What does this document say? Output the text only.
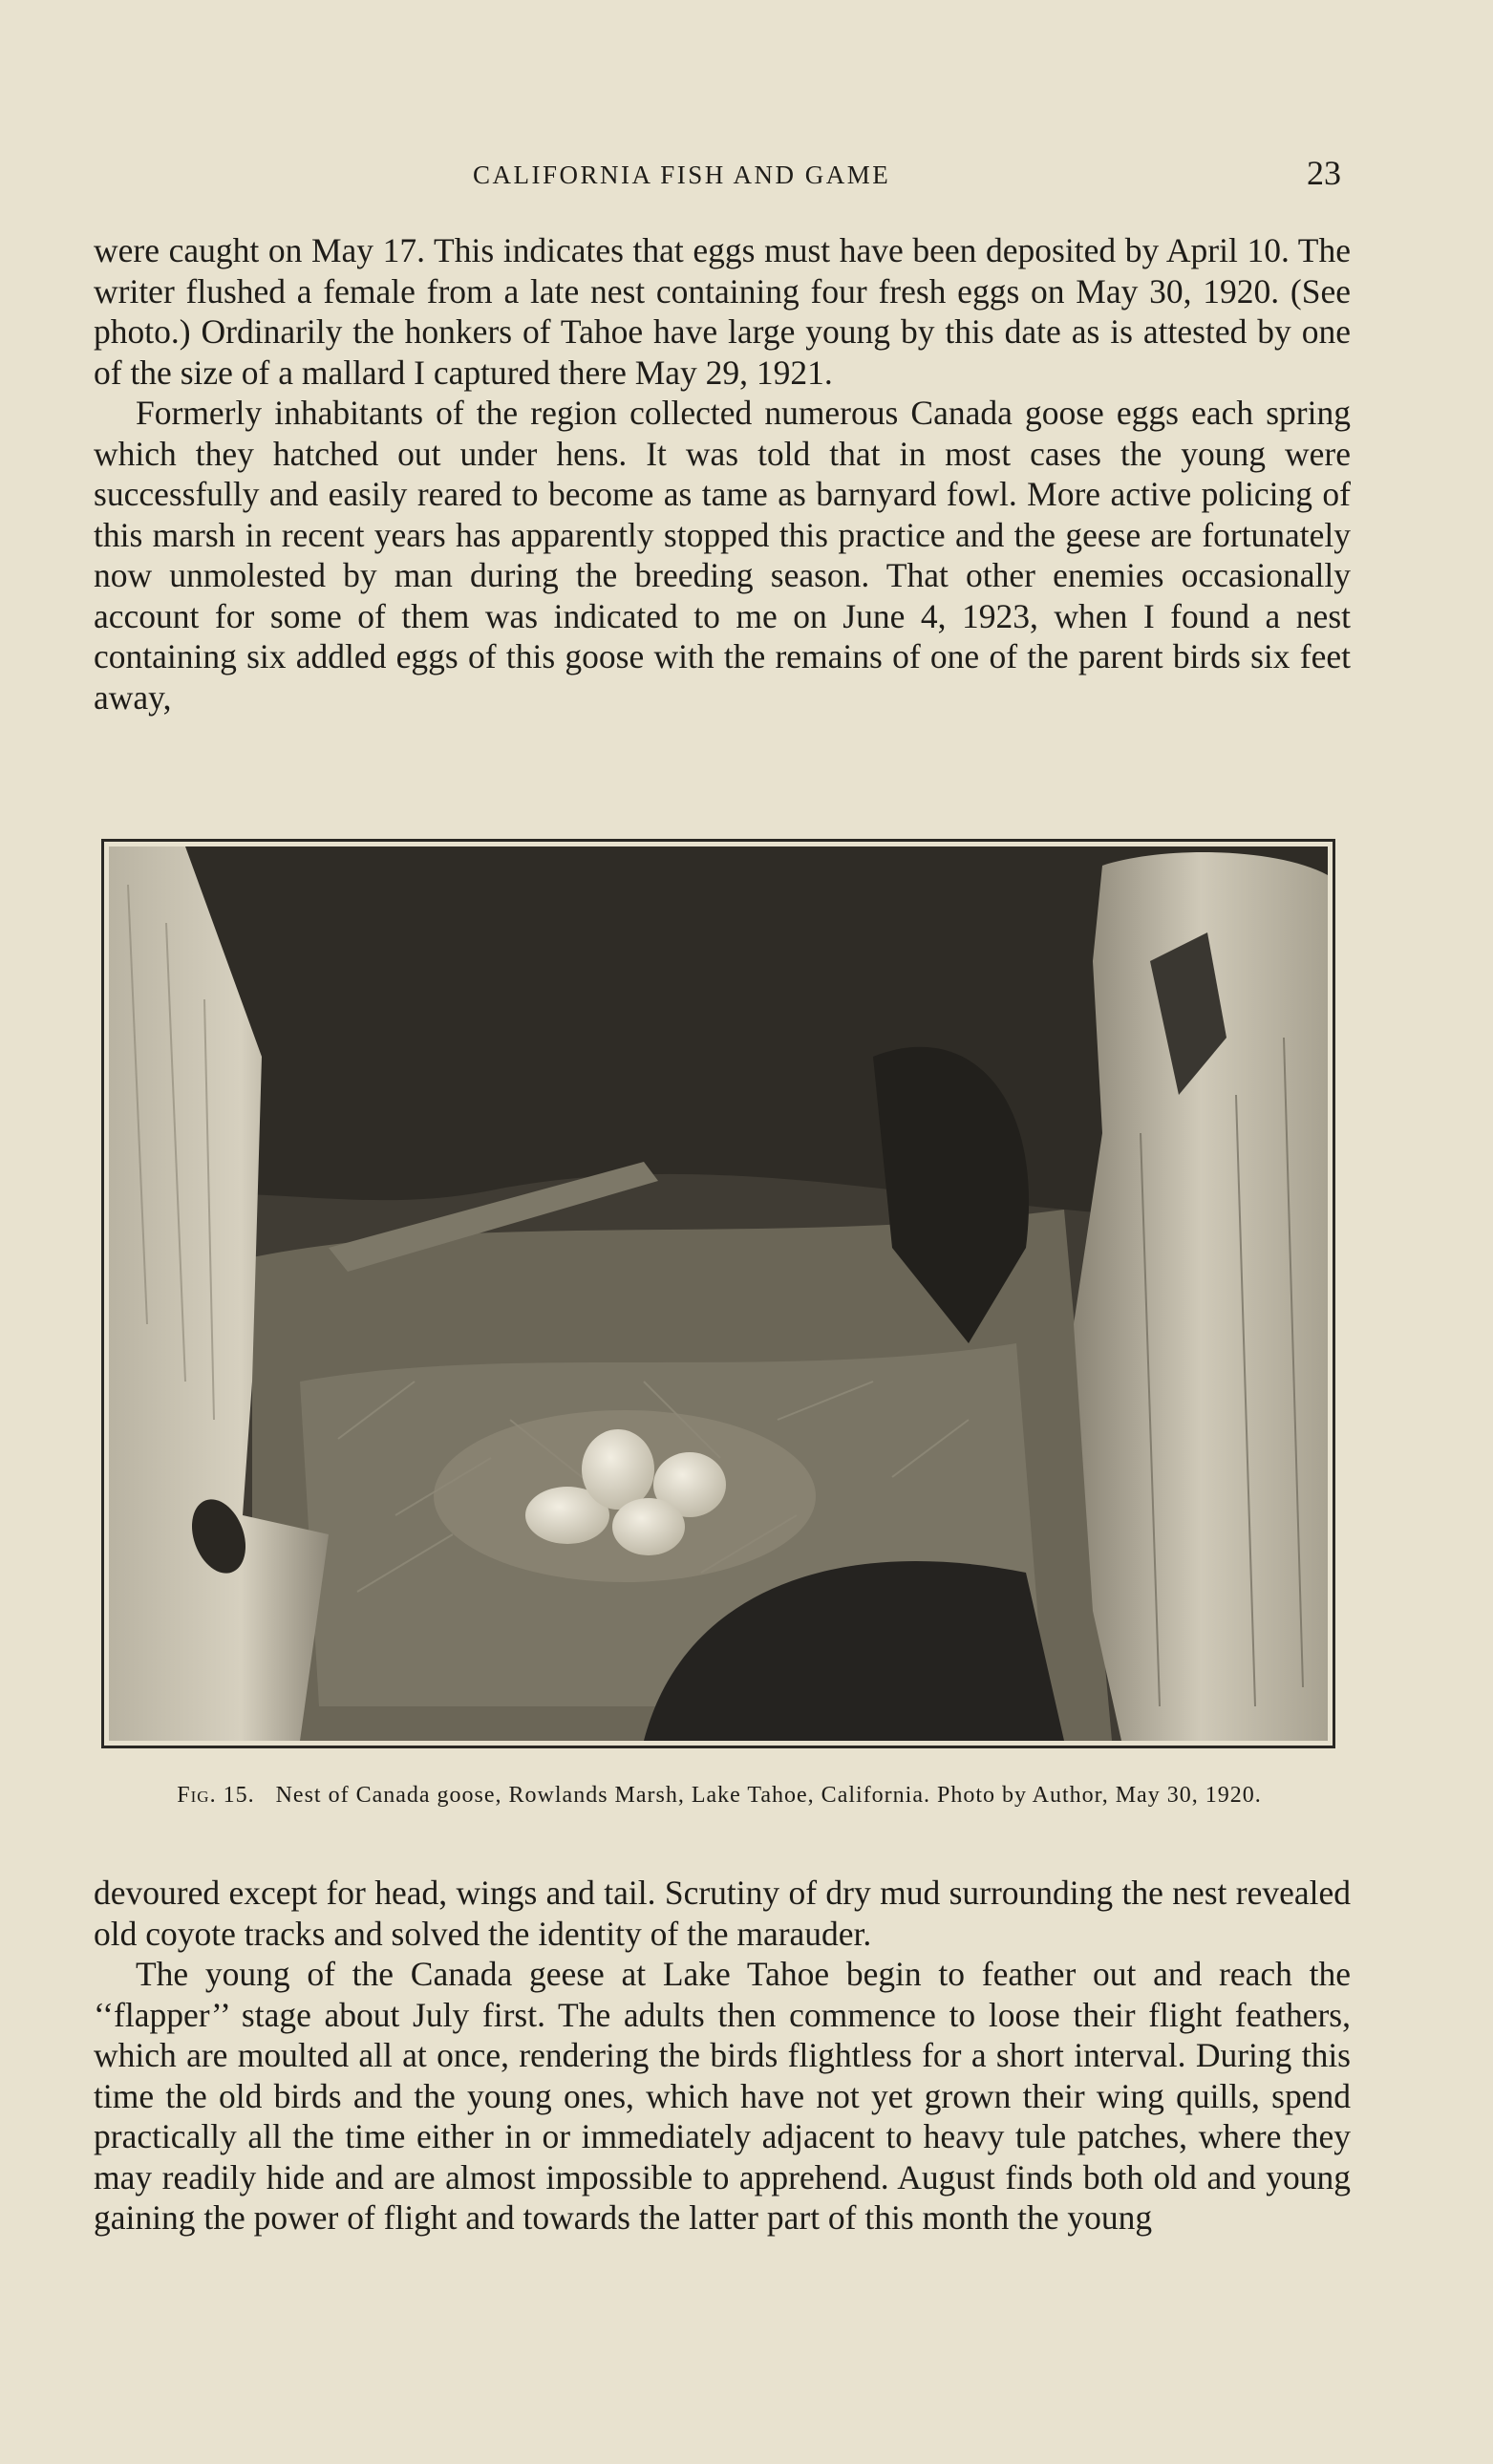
CALIFORNIA FISH AND GAME	23

were caught on May 17. This indicates that eggs must have been deposited by April 10. The writer flushed a female from a late nest containing four fresh eggs on May 30, 1920. (See photo.) Ordinarily the honkers of Tahoe have large young by this date as is attested by one of the size of a mallard I captured there May 29, 1921.

Formerly inhabitants of the region collected numerous Canada goose eggs each spring which they hatched out under hens. It was told that in most cases the young were successfully and easily reared to become as tame as barnyard fowl. More active policing of this marsh in recent years has apparently stopped this practice and the geese are fortunately now unmolested by man during the breeding season. That other enemies occasionally account for some of them was indicated to me on June 4, 1923, when I found a nest containing six addled eggs of this goose with the remains of one of the parent birds six feet away,

Fig. 15. Nest of Canada goose, Rowlands Marsh, Lake Tahoe, California. Photo by Author, May 30, 1920.

devoured except for head, wings and tail. Scrutiny of dry mud surrounding the nest revealed old coyote tracks and solved the identity of the marauder.

The young of the Canada geese at Lake Tahoe begin to feather out and reach the ‘‘flapper’’ stage about July first. The adults then commence to loose their flight feathers, which are moulted all at once, rendering the birds flightless for a short interval. During this time the old birds and the young ones, which have not yet grown their wing quills, spend practically all the time either in or immediately adjacent to heavy tule patches, where they may readily hide and are almost impossible to apprehend. August finds both old and young gaining the power of flight and towards the latter part of this month the young
